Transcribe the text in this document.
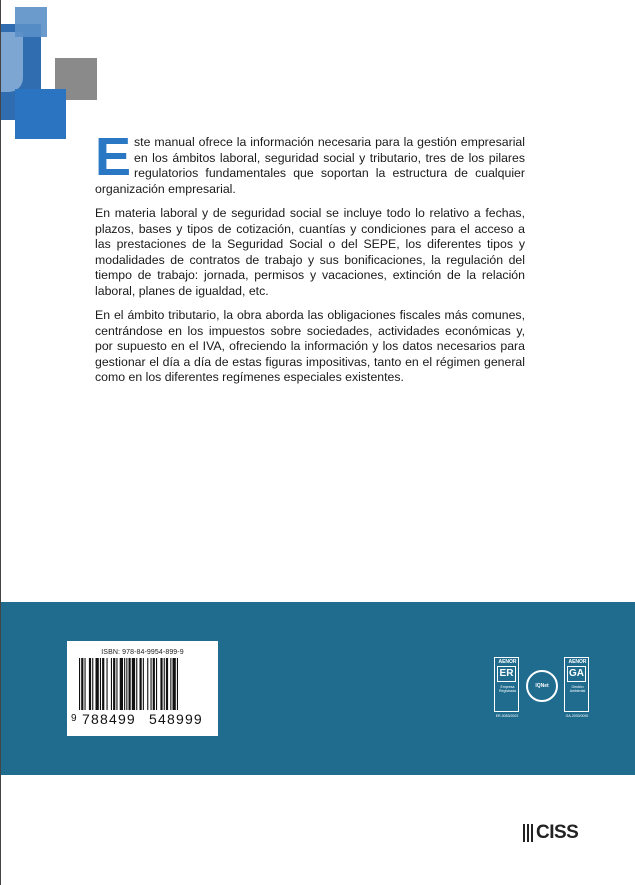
Este manual ofrece la información necesaria para la gestión empresarial en los ámbitos laboral, seguridad social y tributario, tres de los pilares regulatorios fundamentales que soportan la estructura de cualquier organización empresarial.

En materia laboral y de seguridad social se incluye todo lo relativo a fechas, plazos, bases y tipos de cotización, cuantías y condiciones para el acceso a las prestaciones de la Seguridad Social o del SEPE, los diferentes tipos y modalidades de contratos de trabajo y sus bonificaciones, la regulación del tiempo de trabajo: jornada, permisos y vacaciones, extinción de la relación laboral, planes de igualdad, etc.

En el ámbito tributario, la obra aborda las obligaciones fiscales más comunes, centrándose en los impuestos sobre sociedades, actividades económicas y, por supuesto en el IVA, ofreciendo la información y los datos necesarios para gestionar el día a día de estas figuras impositivas, tanto en el régimen general como en los diferentes regímenes especiales existentes.

ISBN: 978-84-9954-899-9
9 788499 548999
AENOR
ER
Empresa Registrada
ER-0083/2002
IQNet
AENOR
GA
Gestión Ambiental
GA-2003/0092
CISS
